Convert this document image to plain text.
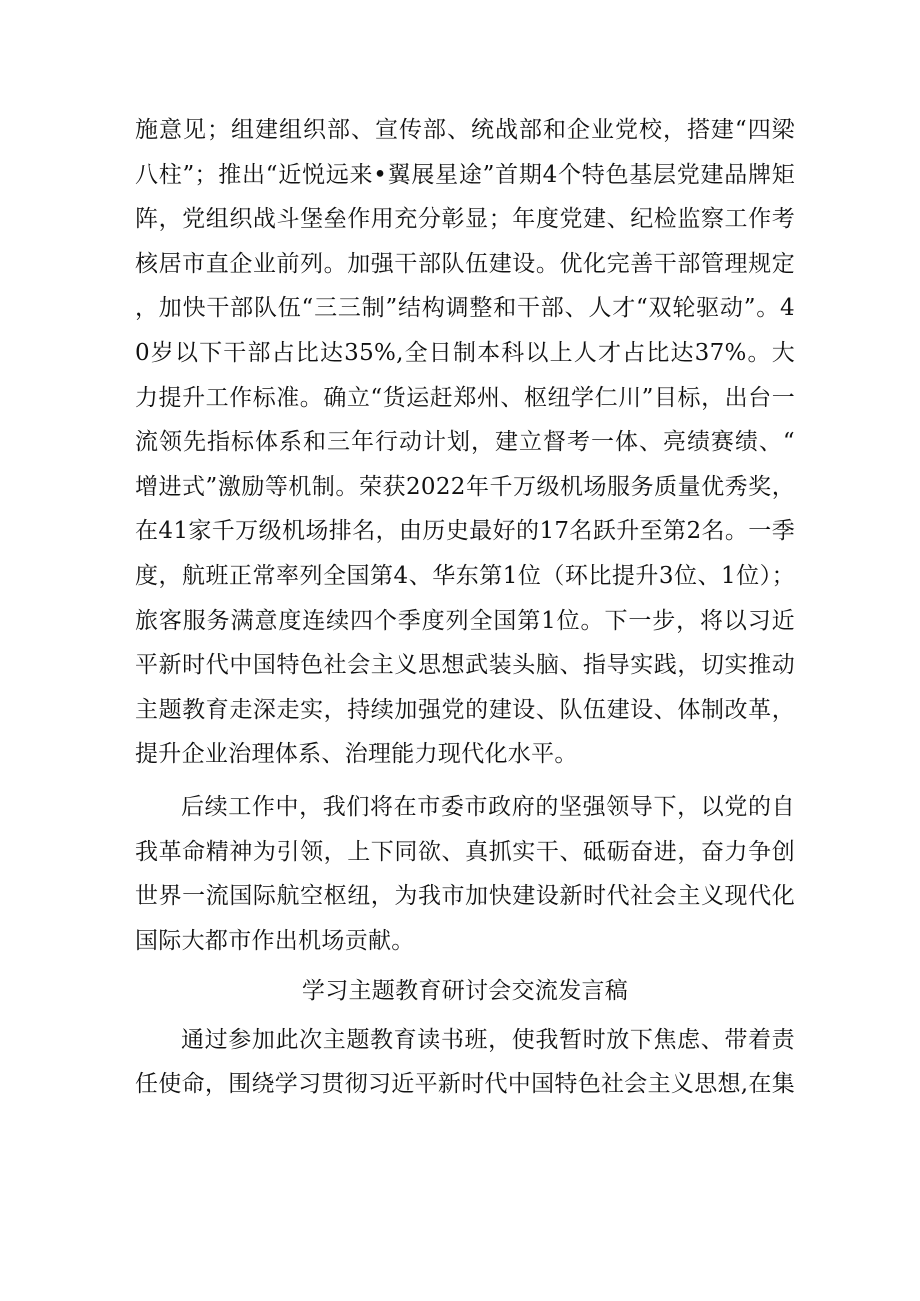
施意见；组建组织部、宣传部、统战部和企业党校，搭建“四梁八柱”；推出“近悦远来•翼展星途”首期4个特色基层党建品牌矩阵，党组织战斗堡垒作用充分彰显；年度党建、纪检监察工作考核居市直企业前列。加强干部队伍建设。优化完善干部管理规定，加快干部队伍“三三制”结构调整和干部、人才“双轮驱动”。40岁以下干部占比达35%,全日制本科以上人才占比达37%。大力提升工作标准。确立“货运赶郑州、枢纽学仁川”目标，出台一流领先指标体系和三年行动计划，建立督考一体、亮绩赛绩、“增进式”激励等机制。荣获2022年千万级机场服务质量优秀奖，在41家千万级机场排名，由历史最好的17名跃升至第2名。一季度，航班正常率列全国第4、华东第1位（环比提升3位、1位）；旅客服务满意度连续四个季度列全国第1位。下一步，将以习近平新时代中国特色社会主义思想武装头脑、指导实践，切实推动主题教育走深走实，持续加强党的建设、队伍建设、体制改革，提升企业治理体系、治理能力现代化水平。

后续工作中，我们将在市委市政府的坚强领导下，以党的自我革命精神为引领，上下同欲、真抓实干、砥砺奋进，奋力争创世界一流国际航空枢纽，为我市加快建设新时代社会主义现代化国际大都市作出机场贡献。

学习主题教育研讨会交流发言稿

通过参加此次主题教育读书班，使我暂时放下焦虑、带着责任使命，围绕学习贯彻习近平新时代中国特色社会主义思想,在集
